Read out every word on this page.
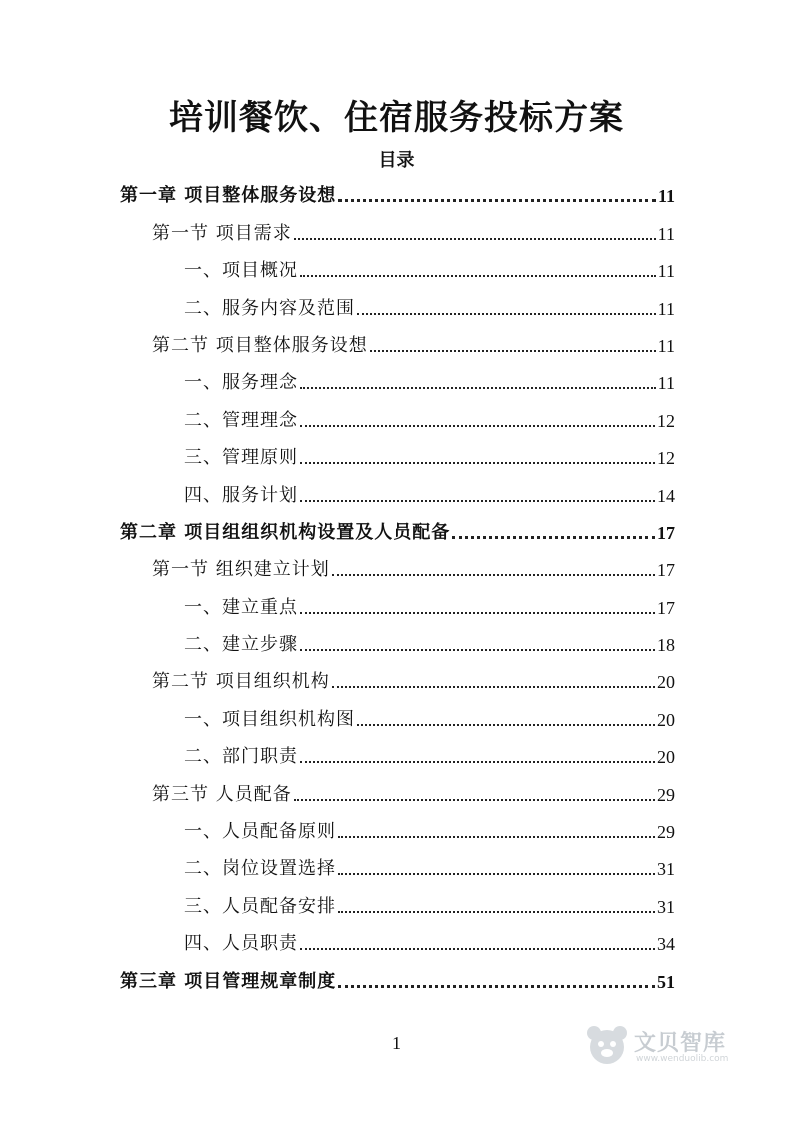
培训餐饮、住宿服务投标方案
目录
第一章 项目整体服务设想	11
第一节 项目需求	11
一、项目概况	11
二、服务内容及范围	11
第二节 项目整体服务设想	11
一、服务理念	11
二、管理理念	12
三、管理原则	12
四、服务计划	14
第二章 项目组组织机构设置及人员配备	17
第一节 组织建立计划	17
一、建立重点	17
二、建立步骤	18
第二节 项目组织机构	20
一、项目组织机构图	20
二、部门职责	20
第三节 人员配备	29
一、人员配备原则	29
二、岗位设置选择	31
三、人员配备安排	31
四、人员职责	34
第三章 项目管理规章制度	51
1	文贝智库
www.wenduolib.com
